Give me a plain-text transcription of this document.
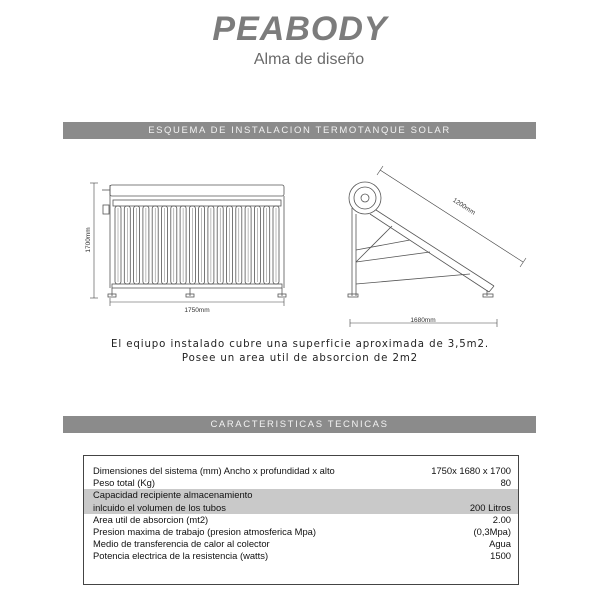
PEABODY
Alma de diseño
ESQUEMA DE INSTALACION TERMOTANQUE SOLAR
1750mm
1700mm
1680mm
1200mm
El eqiupo instalado cubre una superficie aproximada de 3,5m2.
Posee un area util de absorcion de 2m2
CARACTERISTICAS TECNICAS
Dimensiones del sistema (mm) Ancho x profundidad x alto	1750x 1680 x 1700
Peso total (Kg)	80
Capacidad recipiente almacenamiento
inlcuido el volumen de los tubos	200 Litros
Area util de absorcion (mt2)	2.00
Presion maxima de trabajo (presion atmosferica Mpa)	(0,3Mpa)
Medio de transferencia de calor al colector	Agua
Potencia electrica de la resistencia (watts)	1500
